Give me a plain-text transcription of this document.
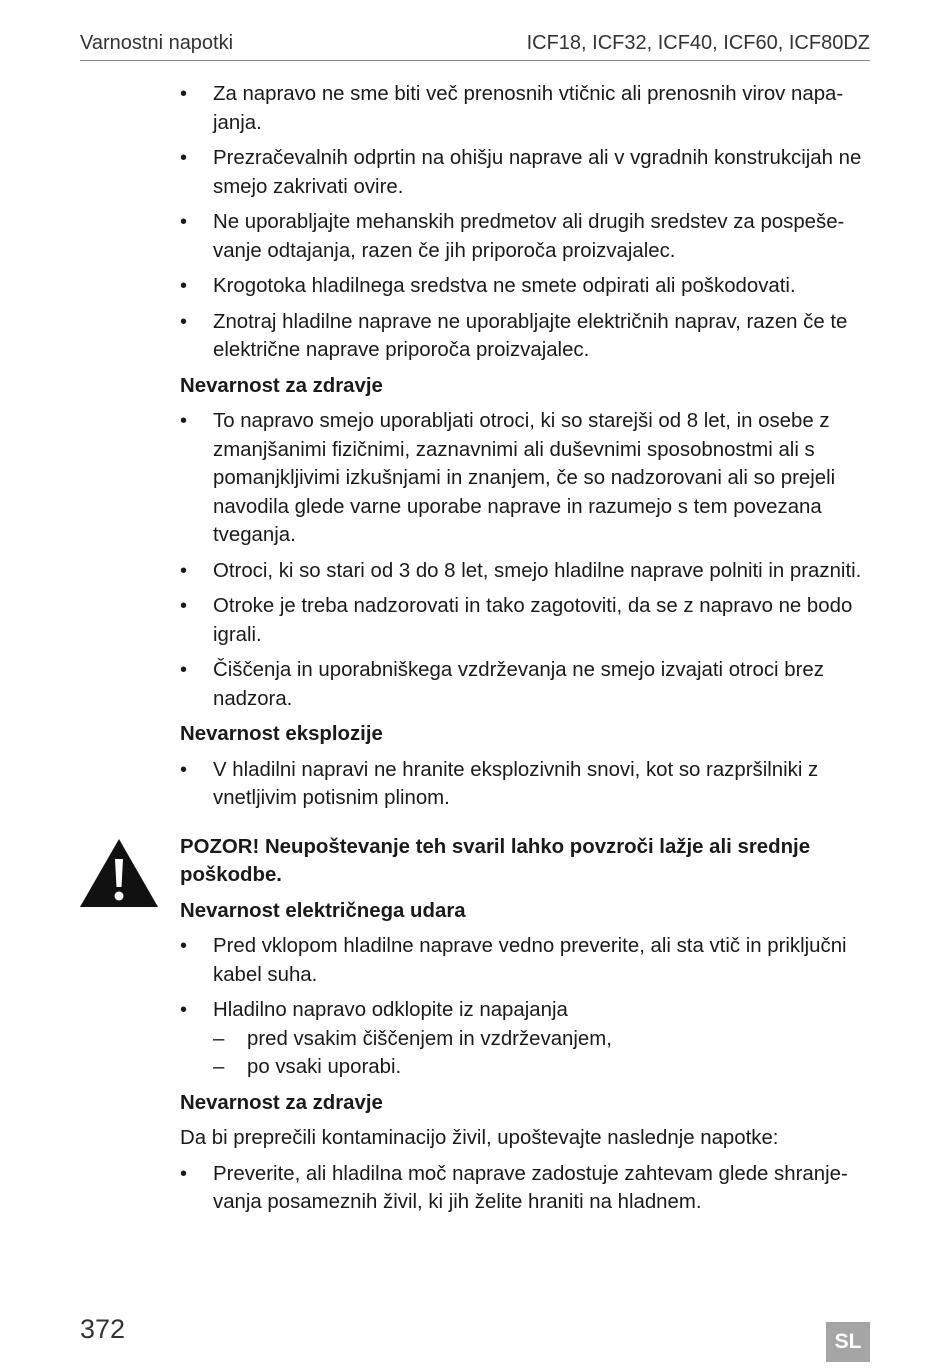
Varnostni napotki	ICF18, ICF32, ICF40, ICF60, ICF80DZ
• Za napravo ne sme biti več prenosnih vtičnic ali prenosnih virov napajanja.
• Prezračevalnih odprtin na ohišju naprave ali v vgradnih konstrukcijah ne smejo zakrivati ovire.
• Ne uporabljajte mehanskih predmetov ali drugih sredstev za pospeševanje odtajanja, razen če jih priporoča proizvajalec.
• Krogotoka hladilnega sredstva ne smete odpirati ali poškodovati.
• Znotraj hladilne naprave ne uporabljajte električnih naprav, razen če te električne naprave priporoča proizvajalec.
Nevarnost za zdravje
• To napravo smejo uporabljati otroci, ki so starejši od 8 let, in osebe z zmanjšanimi fizičnimi, zaznavnimi ali duševnimi sposobnostmi ali s pomanjkljivimi izkušnjami in znanjem, če so nadzorovani ali so prejeli navodila glede varne uporabe naprave in razumejo s tem povezana tveganja.
• Otroci, ki so stari od 3 do 8 let, smejo hladilne naprave polniti in prazniti.
• Otroke je treba nadzorovati in tako zagotoviti, da se z napravo ne bodo igrali.
• Čiščenja in uporabniškega vzdrževanja ne smejo izvajati otroci brez nadzora.
Nevarnost eksplozije
• V hladilni napravi ne hranite eksplozivnih snovi, kot so razpršilniki z vnetljivim potisnim plinom.
POZOR! Neupoštevanje teh svaril lahko povzroči lažje ali srednje poškodbe.
Nevarnost električnega udara
• Pred vklopom hladilne naprave vedno preverite, ali sta vtič in priključni kabel suha.
• Hladilno napravo odklopite iz napajanja
– pred vsakim čiščenjem in vzdrževanjem,
– po vsaki uporabi.
Nevarnost za zdravje

Da bi preprečili kontaminacijo živil, upoštevajte naslednje napotke:

• Preverite, ali hladilna moč naprave zadostuje zahtevam glede shranjevanja posameznih živil, ki jih želite hraniti na hladnem.
372	SL
